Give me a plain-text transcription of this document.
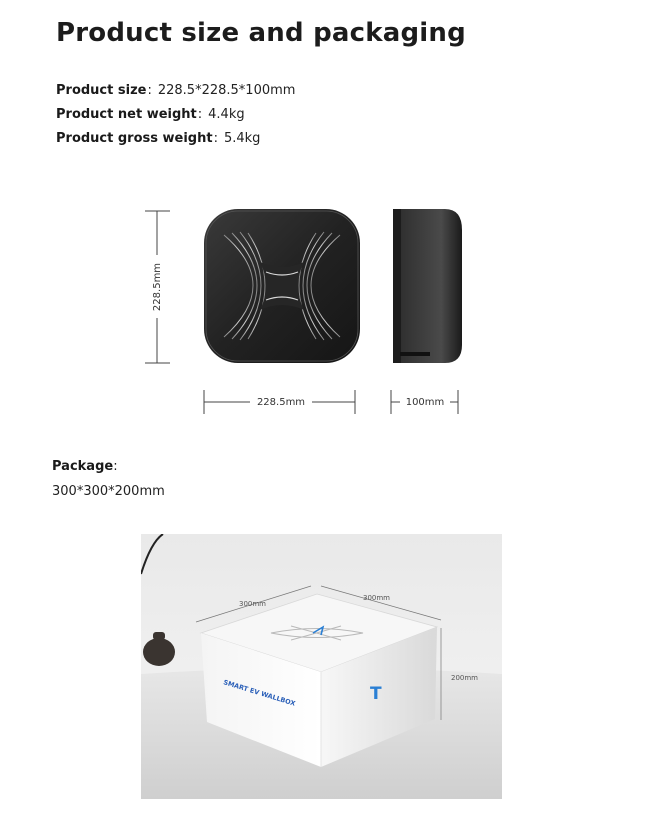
Product size and packaging
Product size: 228.5*228.5*100mm
Product net weight: 4.4kg
Product gross weight: 5.4kg
228.5mm
228.5mm	100mm
Package:
300*300*200mm
300mm
300mm
200mm
SMART EV WALLBOX	T
